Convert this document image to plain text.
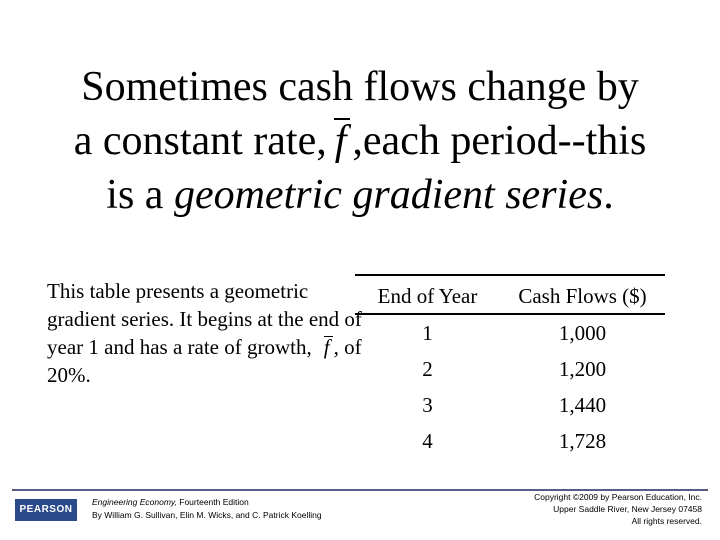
Sometimes cash flows change by
a constant rate, f ,each period--this
is a geometric gradient series.
This table presents a geometric gradient series. It begins at the end of year 1 and has a rate of growth, f , of 20%.
End of Year	Cash Flows ($)
1	1,000
2	1,200
3	1,440
4	1,728
PEARSON
Engineering Economy, Fourteenth Edition
By William G. Sullivan, Elin M. Wicks, and C. Patrick Koelling
Copyright ©2009 by Pearson Education, Inc.
Upper Saddle River, New Jersey 07458
All rights reserved.
